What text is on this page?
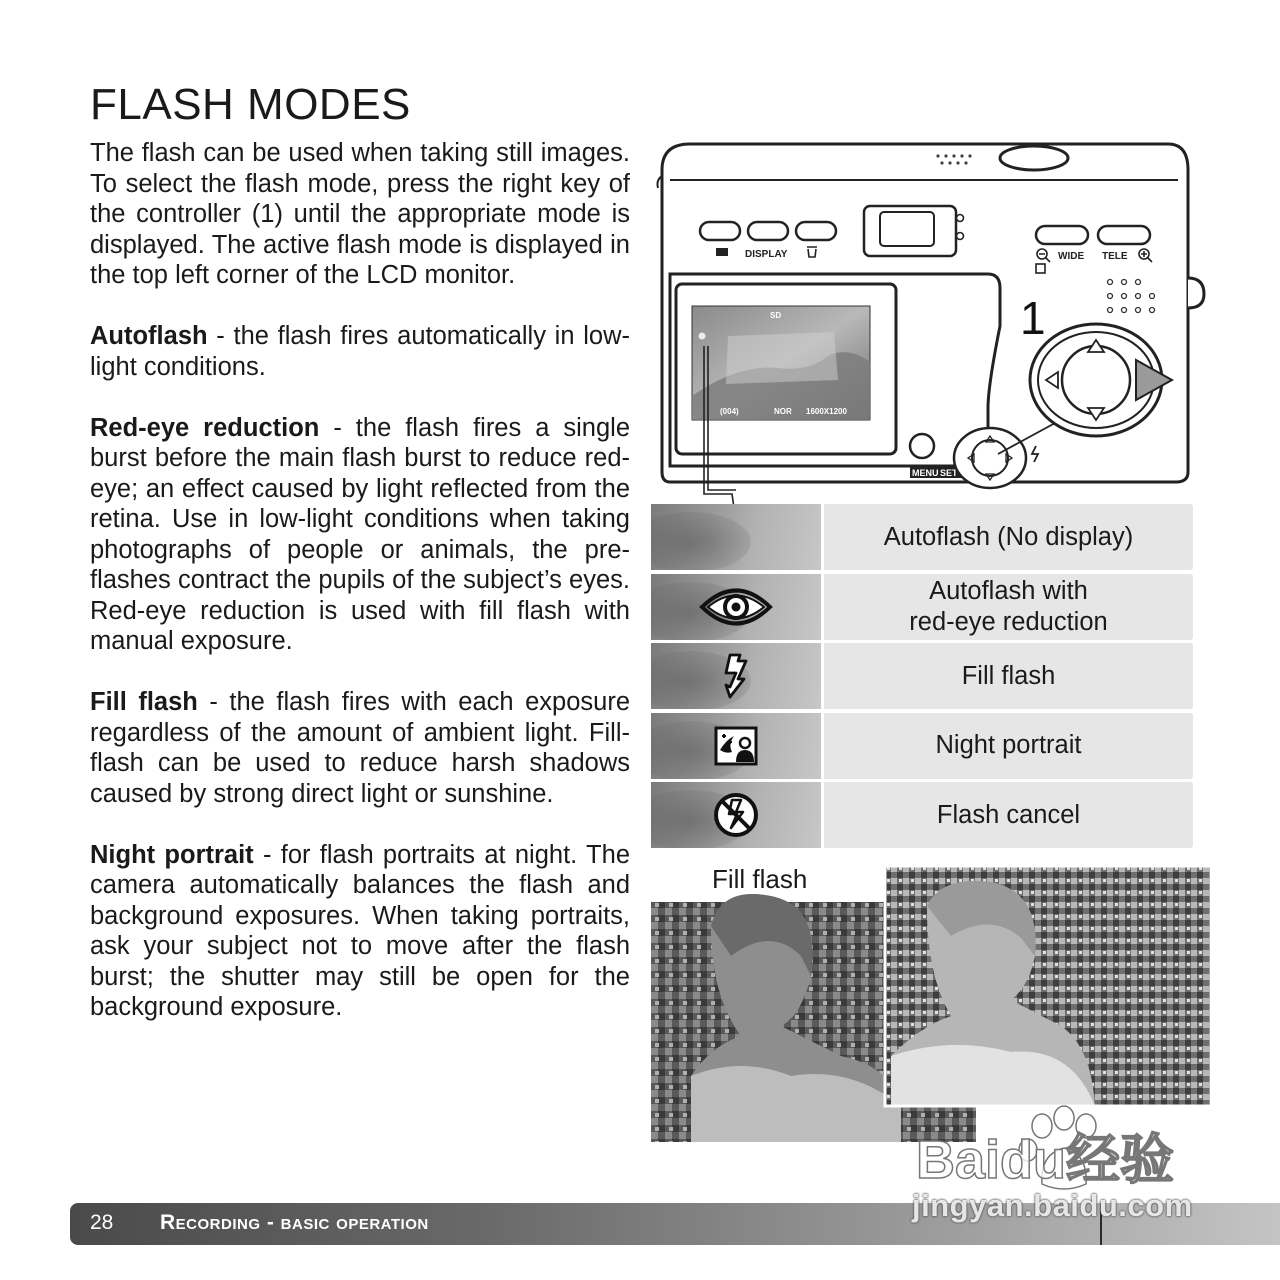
FLASH MODES

The flash can be used when taking still images. To select the flash mode, press the right key of the controller (1) until the appropriate mode is displayed. The active flash mode is displayed in the top left corner of the LCD monitor.

Autoflash - the flash fires automatically in low-light conditions.

Red-eye reduction - the flash fires a single burst before the main flash burst to reduce red-eye; an effect caused by light reflected from the retina. Use in low-light conditions when taking photographs of people or animals, the pre-flashes contract the pupils of the subject’s eyes. Red-eye reduction is used with fill flash with manual exposure.

Fill flash - the flash fires with each exposure regardless of the amount of ambient light. Fill-flash can be used to reduce harsh shadows caused by strong direct light or sunshine.

Night portrait - for flash portraits at night. The camera automatically balances the flash and background exposures. When taking portraits, ask your subject not to move after the flash burst; the shutter may still be open for the background exposure.

DISPLAY	WIDE TELE
1
SD
(004)	NOR 1600X1200
MENU SET
Autoflash (No display)
Autoflash with
red-eye reduction
Fill flash
Night portrait
Flash cancel
Fill flash
28 Recording - basic operation
Baidu经验
jingyan.baidu.com
